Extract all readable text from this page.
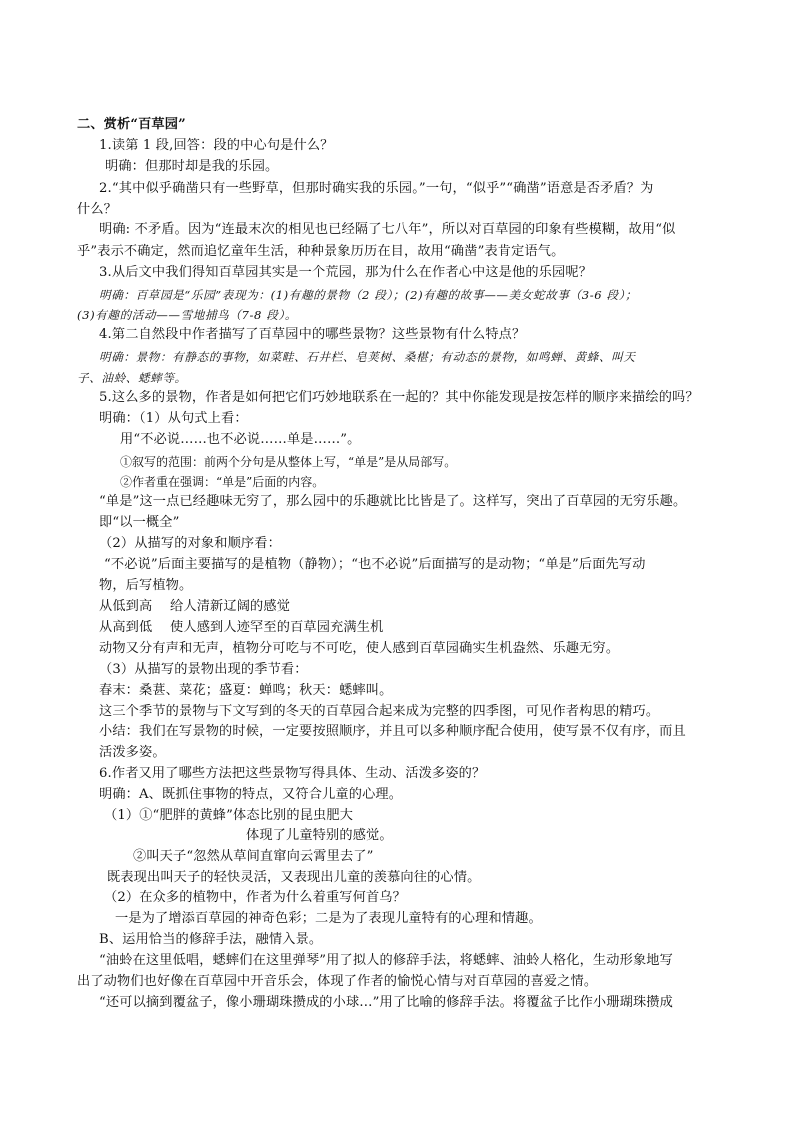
二、赏析“百草园”
1.读第 1 段,回答：段的中心句是什么？
明确：但那时却是我的乐园。
2.“其中似乎确凿只有一些野草，但那时确实我的乐园。”一句，“似乎”“确凿”语意是否矛盾？为
什么？
明确: 不矛盾。因为“连最末次的相见也已经隔了七八年”，所以对百草园的印象有些模糊，故用“似
乎”表示不确定，然而追忆童年生活，种种景象历历在目，故用“确凿”表肯定语气。
3.从后文中我们得知百草园其实是一个荒园，那为什么在作者心中这是他的乐园呢？
明确：百草园是“乐园”表现为：(1)有趣的景物（2 段）；(2)有趣的故事——美女蛇故事（3-6 段）；
(3)有趣的活动——雪地捕鸟（7-8 段）。
4.第二自然段中作者描写了百草园中的哪些景物？这些景物有什么特点？
明确：景物：有静态的事物，如菜畦、石井栏、皂荚树、桑椹；有动态的景物，如鸣蝉、黄蜂、叫天
子、油蛉、蟋蟀等。
5.这么多的景物，作者是如何把它们巧妙地联系在一起的？其中你能发现是按怎样的顺序来描绘的吗？
明确：（1）从句式上看：
用“不必说……也不必说……单是……”。
①叙写的范围：前两个分句是从整体上写，“单是”是从局部写。
②作者重在强调：“单是”后面的内容。
“单是”这一点已经趣味无穷了，那么园中的乐趣就比比皆是了。这样写，突出了百草园的无穷乐趣。
即“以一概全”
（2）从描写的对象和顺序看：
“不必说”后面主要描写的是植物（静物）；“也不必说”后面描写的是动物；“单是”后面先写动
物，后写植物。
从低到高　 给人清新辽阔的感觉
从高到低　 使人感到人迹罕至的百草园充满生机
动物又分有声和无声，植物分可吃与不可吃，使人感到百草园确实生机盎然、乐趣无穷。
（3）从描写的景物出现的季节看：
春末：桑葚、菜花；盛夏：蝉鸣；秋天：蟋蟀叫。
这三个季节的景物与下文写到的冬天的百草园合起来成为完整的四季图，可见作者构思的精巧。
小结：我们在写景物的时候，一定要按照顺序，并且可以多种顺序配合使用，使写景不仅有序，而且
活泼多姿。
6.作者又用了哪些方法把这些景物写得具体、生动、活泼多姿的？
明确：A、既抓住事物的特点，又符合儿童的心理。
（1）①“肥胖的黄蜂”体态比别的昆虫肥大
体现了儿童特别的感觉。
②叫天子“忽然从草间直窜向云霄里去了”
既表现出叫天子的轻快灵活，又表现出儿童的羡慕向往的心情。
（2）在众多的植物中，作者为什么着重写何首乌？
一是为了增添百草园的神奇色彩；二是为了表现儿童特有的心理和情趣。
B、运用恰当的修辞手法，融情入景。
“油蛉在这里低唱，蟋蟀们在这里弹琴”用了拟人的修辞手法，将蟋蟀、油蛉人格化，生动形象地写
出了动物们也好像在百草园中开音乐会，体现了作者的愉悦心情与对百草园的喜爱之情。
“还可以摘到覆盆子，像小珊瑚珠攒成的小球…”用了比喻的修辞手法。将覆盆子比作小珊瑚珠攒成
